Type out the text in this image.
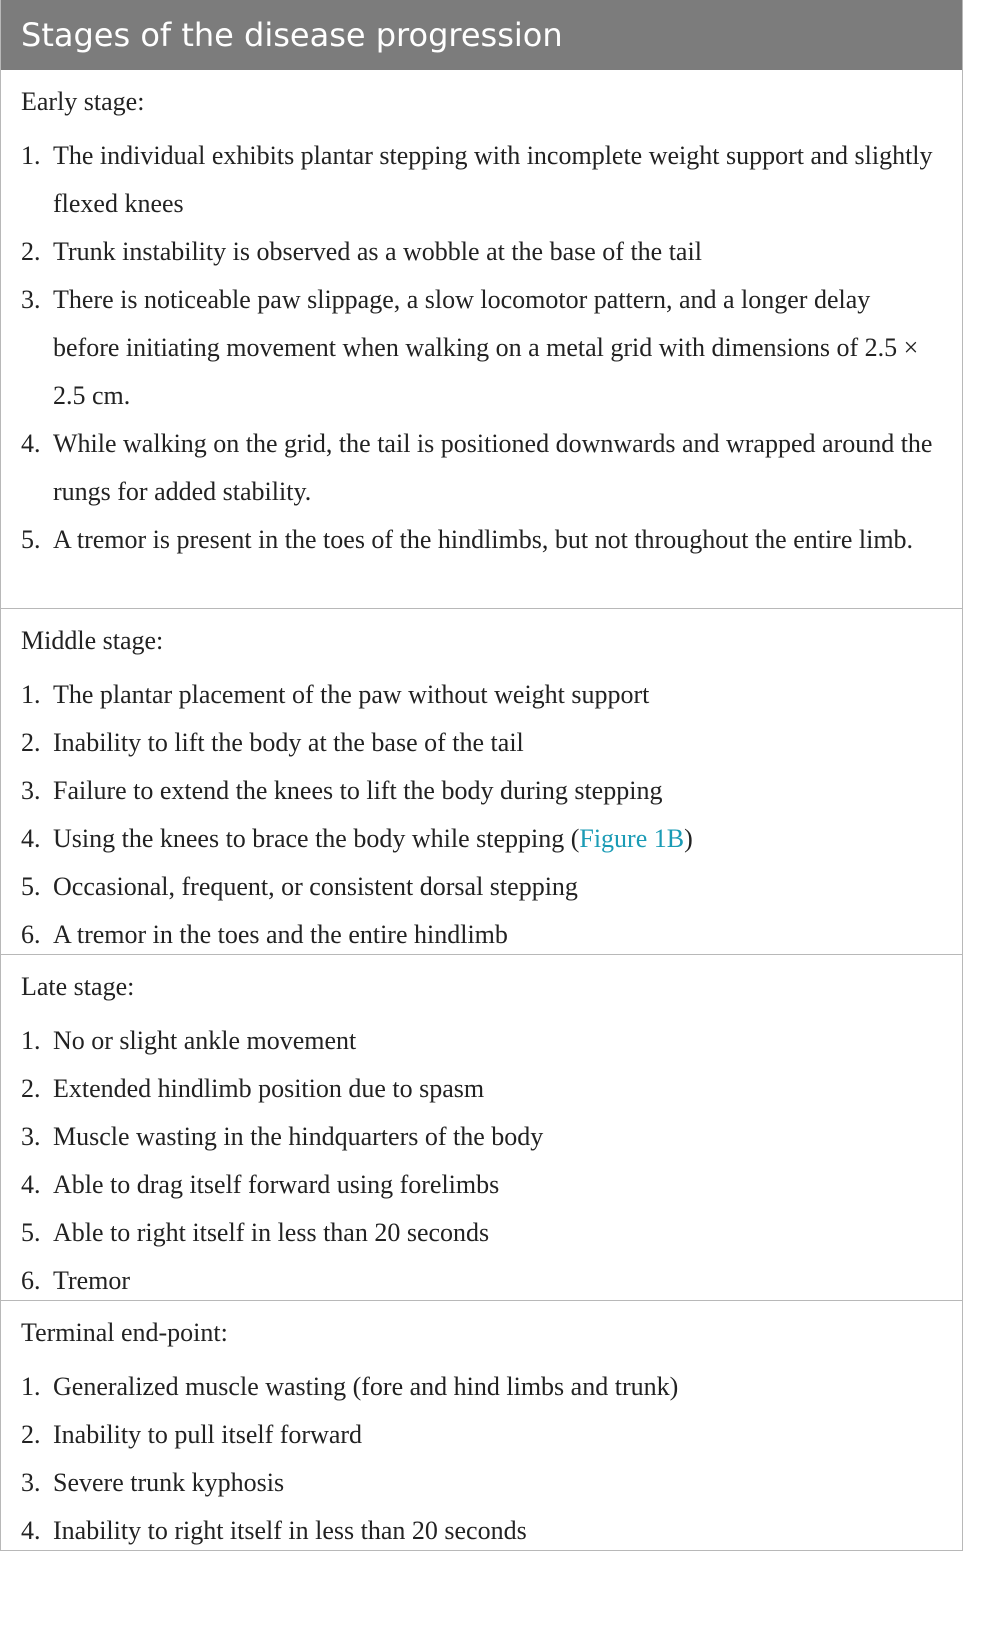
Stages of the disease progression
Early stage:
1. The individual exhibits plantar stepping with incomplete weight support and slightly flexed knees
2. Trunk instability is observed as a wobble at the base of the tail
3. There is noticeable paw slippage, a slow locomotor pattern, and a longer delay before initiating movement when walking on a metal grid with dimensions of 2.5 × 2.5 cm.
4. While walking on the grid, the tail is positioned downwards and wrapped around the rungs for added stability.
5. A tremor is present in the toes of the hindlimbs, but not throughout the entire limb.
Middle stage:
1. The plantar placement of the paw without weight support
2. Inability to lift the body at the base of the tail
3. Failure to extend the knees to lift the body during stepping
4. Using the knees to brace the body while stepping (Figure 1B)
5. Occasional, frequent, or consistent dorsal stepping
6. A tremor in the toes and the entire hindlimb
Late stage:
1. No or slight ankle movement
2. Extended hindlimb position due to spasm
3. Muscle wasting in the hindquarters of the body
4. Able to drag itself forward using forelimbs
5. Able to right itself in less than 20 seconds
6. Tremor
Terminal end-point:
1. Generalized muscle wasting (fore and hind limbs and trunk)
2. Inability to pull itself forward
3. Severe trunk kyphosis
4. Inability to right itself in less than 20 seconds
